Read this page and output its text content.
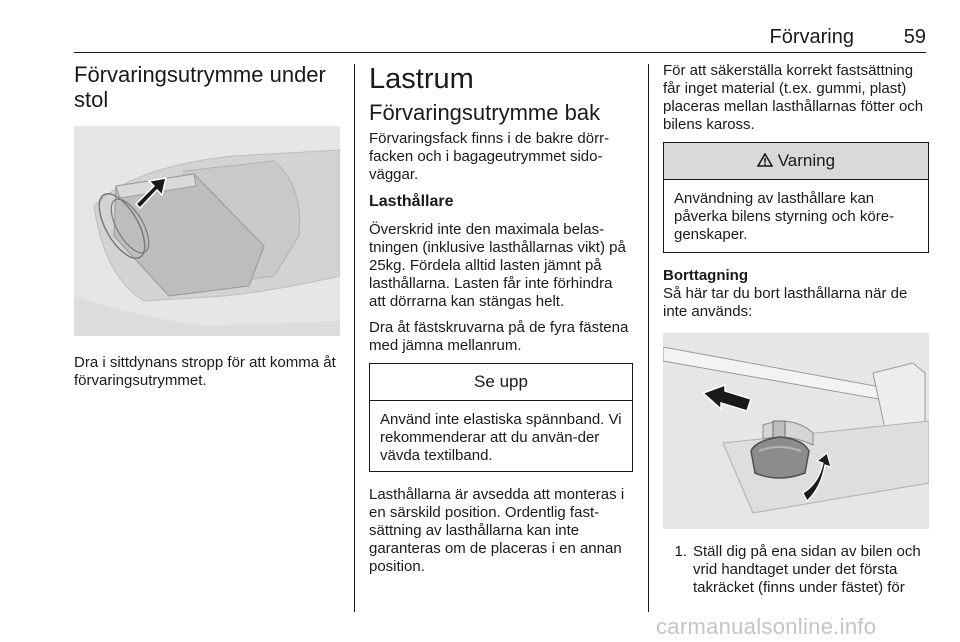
Förvaring 59
Förvaringsutrymme under stol

Dra i sittdynans stropp för att komma åt förvaringsutrymmet.

Lastrum
Förvaringsutrymme bak

Förvaringsfack finns i de bakre dörr-facken och i bagageutrymmet sido-väggar.

Lasthållare

Överskrid inte den maximala belas-tningen (inklusive lasthållarnas vikt) på 25kg. Fördela alltid lasten jämnt på lasthållarna. Lasten får inte förhindra att dörrarna kan stängas helt.

Dra åt fästskruvarna på de fyra fästena med jämna mellanrum.

Se upp

Använd inte elastiska spännband. Vi rekommenderar att du använ-der vävda textilband.

Lasthållarna är avsedda att monteras i en särskild position. Ordentlig fast-sättning av lasthållarna kan inte garanteras om de placeras i en annan position.

För att säkerställa korrekt fastsättning får inget material (t.ex. gummi, plast) placeras mellan lasthållarnas fötter och bilens kaross.

Varning

Användning av lasthållare kan påverka bilens styrning och köre-genskaper.

Borttagning

Så här tar du bort lasthållarna när de inte används:

1. Ställ dig på ena sidan av bilen och vrid handtaget under det första takräcket (finns under fästet) för
carmanualsonline.info
